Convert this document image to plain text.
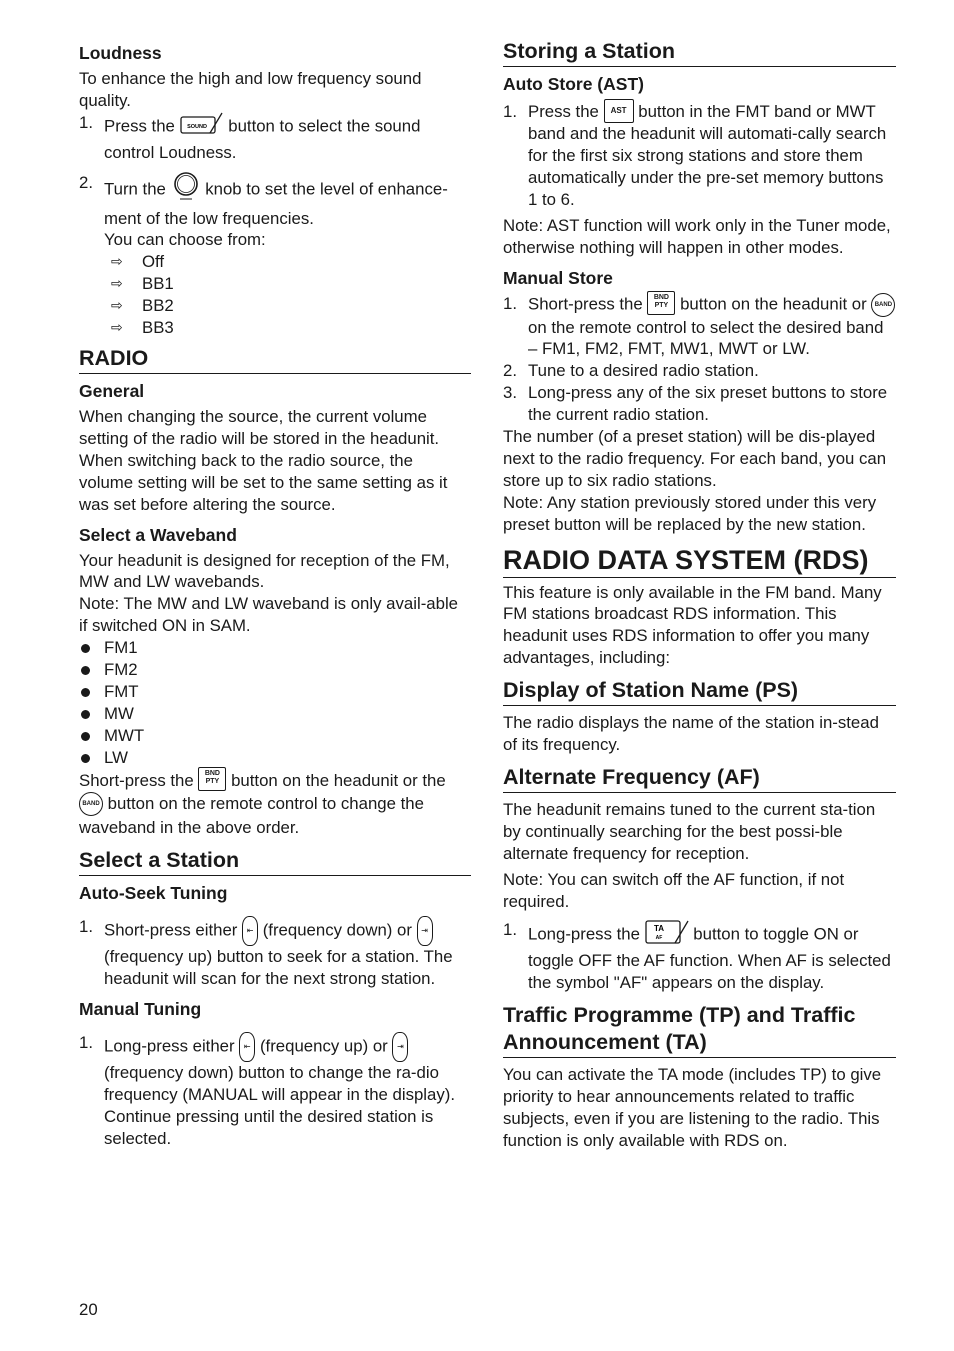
Loudness

To enhance the high and low frequency sound quality.

1. Press the SOUND button to select the sound control Loudness.
2. Turn the knob to set the level of enhance-ment of the low frequencies.
You can choose from:
⇨ Off
⇨ BB1
⇨ BB2
⇨ BB3
RADIO
General

When changing the source, the current volume setting of the radio will be stored in the headunit. When switching back to the radio source, the volume setting will be set to the same setting as it was set before altering the source.

Select a Waveband

Your headunit is designed for reception of the FM, MW and LW wavebands.

Note: The MW and LW waveband is only avail-able if switched ON in SAM.

FM1
FM2
FMT
MW
MWT
LW

Short-press the	BND
PTY button on the headunit or the BAND button on the remote control to change the waveband in the above order.

Select a Station
Auto-Seek Tuning
1. Short-press either ⇤ (frequency down) or ⇥ (frequency up) button to seek for a station. The headunit will scan for the next strong station.
Manual Tuning
1. Long-press either ⇤ (frequency up) or ⇥ (frequency down) button to change the ra-dio frequency (MANUAL will appear in the display). Continue pressing until the desired station is selected.
Storing a Station
Auto Store (AST)
1. Press the AST button in the FMT band or MWT band and the headunit will automati-cally search for the first six strong stations and store them automatically under the pre-set memory buttons 1 to 6.

Note: AST function will work only in the Tuner mode, otherwise nothing will happen in other modes.

Manual Store
1. Short-press the	BND
PTY button on the headunit or BAND on the remote control to select the desired band – FM1, FM2, FMT, MW1, MWT or LW.
2. Tune to a desired radio station.
3. Long-press any of the six preset buttons to store the current radio station.

The number (of a preset station) will be dis-played next to the radio frequency. For each band, you can store up to six radio stations.

Note: Any station previously stored under this very preset button will be replaced by the new station.

RADIO DATA SYSTEM (RDS)

This feature is only available in the FM band. Many FM stations broadcast RDS information. This headunit uses RDS information to offer you many advantages, including:

Display of Station Name (PS)

The radio displays the name of the station in-stead of its frequency.

Alternate Frequency (AF)

The headunit remains tuned to the current sta-tion by continually searching for the best possi-ble alternate frequency for reception.

Note: You can switch off the AF function, if not required.

1. Long-press the TA
AF button to toggle ON or toggle OFF the AF function. When AF is selected the symbol "AF" appears on the display.
Traffic Programme (TP) and Traffic Announcement (TA)

You can activate the TA mode (includes TP) to give priority to hear announcements related to traffic subjects, even if you are listening to the radio. This function is only available with RDS on.

20
